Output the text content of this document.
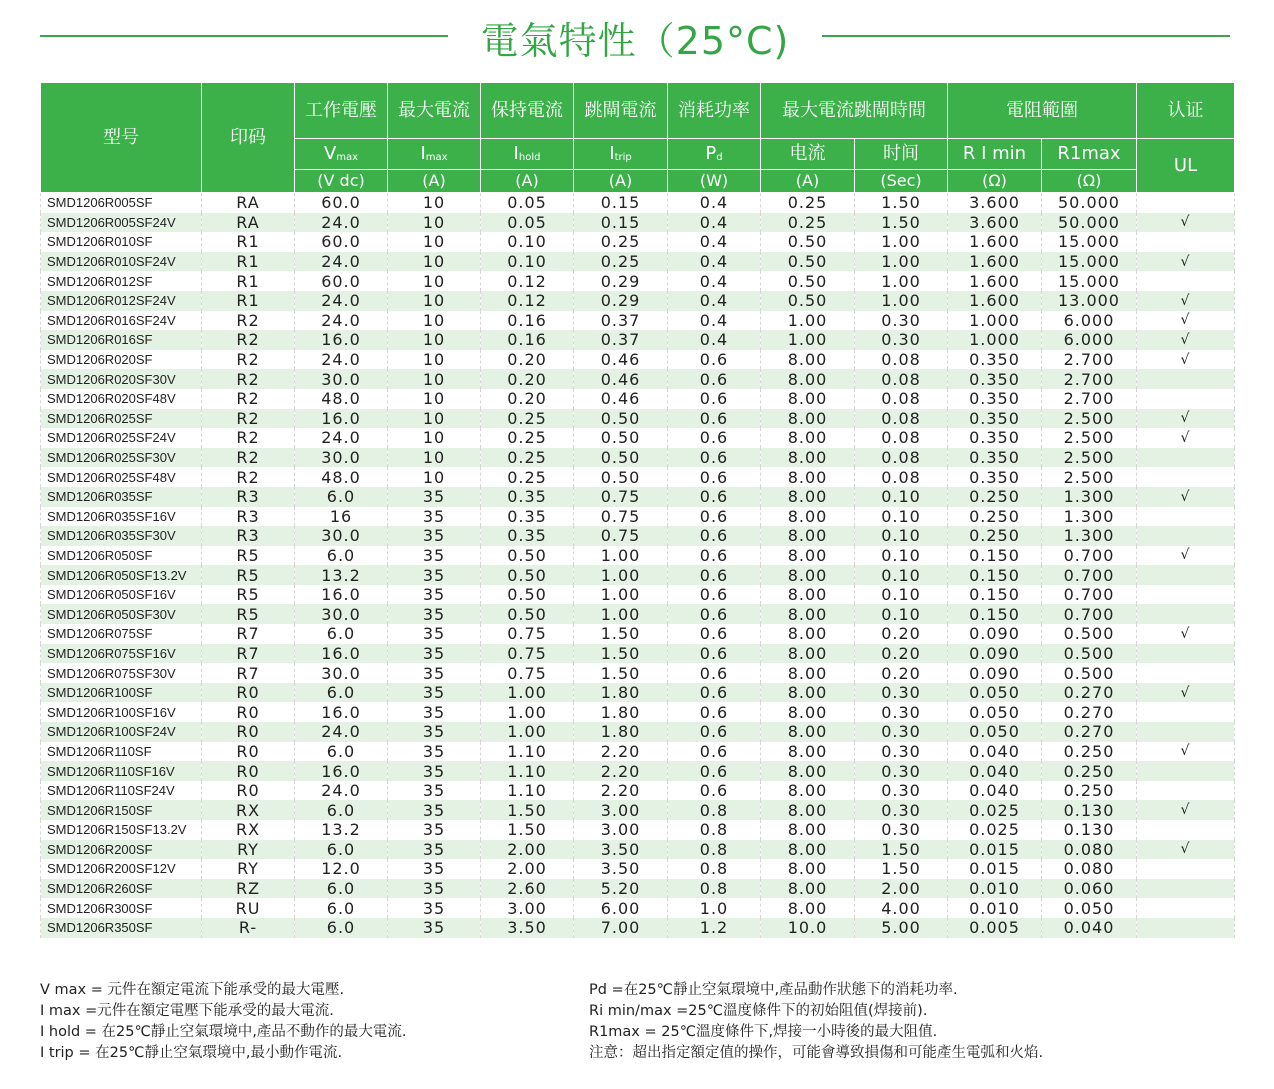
電氣特性（25°C)
型号	印码	工作電壓	最大電流	保持電流	跳閘電流	消耗功率	最大電流跳閘時間		電阻範圍		认证
		Vmax	Imax	Ihold	Itrip	Pd	电流	时间	R I min	R1max	UL
		(V dc)	(A)	(A)	(A)	(W)	(A)	(Sec)	(Ω)	(Ω)	
SMD1206R005SF	RA	60.0	10	0.05	0.15	0.4	0.25	1.50	3.600	50.000	
SMD1206R005SF24V	RA	24.0	10	0.05	0.15	0.4	0.25	1.50	3.600	50.000	√
SMD1206R010SF	R1	60.0	10	0.10	0.25	0.4	0.50	1.00	1.600	15.000	
SMD1206R010SF24V	R1	24.0	10	0.10	0.25	0.4	0.50	1.00	1.600	15.000	√
SMD1206R012SF	R1	60.0	10	0.12	0.29	0.4	0.50	1.00	1.600	15.000	
SMD1206R012SF24V	R1	24.0	10	0.12	0.29	0.4	0.50	1.00	1.600	13.000	√
SMD1206R016SF24V	R2	24.0	10	0.16	0.37	0.4	1.00	0.30	1.000	6.000	√
SMD1206R016SF	R2	16.0	10	0.16	0.37	0.4	1.00	0.30	1.000	6.000	√
SMD1206R020SF	R2	24.0	10	0.20	0.46	0.6	8.00	0.08	0.350	2.700	√
SMD1206R020SF30V	R2	30.0	10	0.20	0.46	0.6	8.00	0.08	0.350	2.700	
SMD1206R020SF48V	R2	48.0	10	0.20	0.46	0.6	8.00	0.08	0.350	2.700	
SMD1206R025SF	R2	16.0	10	0.25	0.50	0.6	8.00	0.08	0.350	2.500	√
SMD1206R025SF24V	R2	24.0	10	0.25	0.50	0.6	8.00	0.08	0.350	2.500	√
SMD1206R025SF30V	R2	30.0	10	0.25	0.50	0.6	8.00	0.08	0.350	2.500	
SMD1206R025SF48V	R2	48.0	10	0.25	0.50	0.6	8.00	0.08	0.350	2.500	
SMD1206R035SF	R3	6.0	35	0.35	0.75	0.6	8.00	0.10	0.250	1.300	√
SMD1206R035SF16V	R3	16	35	0.35	0.75	0.6	8.00	0.10	0.250	1.300	
SMD1206R035SF30V	R3	30.0	35	0.35	0.75	0.6	8.00	0.10	0.250	1.300	
SMD1206R050SF	R5	6.0	35	0.50	1.00	0.6	8.00	0.10	0.150	0.700	√
SMD1206R050SF13.2V	R5	13.2	35	0.50	1.00	0.6	8.00	0.10	0.150	0.700	
SMD1206R050SF16V	R5	16.0	35	0.50	1.00	0.6	8.00	0.10	0.150	0.700	
SMD1206R050SF30V	R5	30.0	35	0.50	1.00	0.6	8.00	0.10	0.150	0.700	
SMD1206R075SF	R7	6.0	35	0.75	1.50	0.6	8.00	0.20	0.090	0.500	√
SMD1206R075SF16V	R7	16.0	35	0.75	1.50	0.6	8.00	0.20	0.090	0.500	
SMD1206R075SF30V	R7	30.0	35	0.75	1.50	0.6	8.00	0.20	0.090	0.500	
SMD1206R100SF	R0	6.0	35	1.00	1.80	0.6	8.00	0.30	0.050	0.270	√
SMD1206R100SF16V	R0	16.0	35	1.00	1.80	0.6	8.00	0.30	0.050	0.270	
SMD1206R100SF24V	R0	24.0	35	1.00	1.80	0.6	8.00	0.30	0.050	0.270	
SMD1206R110SF	R0	6.0	35	1.10	2.20	0.6	8.00	0.30	0.040	0.250	√
SMD1206R110SF16V	R0	16.0	35	1.10	2.20	0.6	8.00	0.30	0.040	0.250	
SMD1206R110SF24V	R0	24.0	35	1.10	2.20	0.6	8.00	0.30	0.040	0.250	
SMD1206R150SF	RX	6.0	35	1.50	3.00	0.8	8.00	0.30	0.025	0.130	√
SMD1206R150SF13.2V	RX	13.2	35	1.50	3.00	0.8	8.00	0.30	0.025	0.130	
SMD1206R200SF	RY	6.0	35	2.00	3.50	0.8	8.00	1.50	0.015	0.080	√
SMD1206R200SF12V	RY	12.0	35	2.00	3.50	0.8	8.00	1.50	0.015	0.080	
SMD1206R260SF	RZ	6.0	35	2.60	5.20	0.8	8.00	2.00	0.010	0.060	
SMD1206R300SF	RU	6.0	35	3.00	6.00	1.0	8.00	4.00	0.010	0.050	
SMD1206R350SF	R-	6.0	35	3.50	7.00	1.2	10.0	5.00	0.005	0.040	
V max = 元件在額定電流下能承受的最大電壓.
I max =元件在額定電壓下能承受的最大電流.
I hold = 在25℃靜止空氣環境中,產品不動作的最大電流.
I trip = 在25℃靜止空氣環境中,最小動作電流.
Pd =在25℃靜止空氣環境中,產品動作狀態下的消耗功率.
Ri min/max =25℃溫度條件下的初始阻值(焊接前).
R1max = 25℃溫度條件下,焊接一小時後的最大阻值.
注意：超出指定額定值的操作，可能會導致損傷和可能產生電弧和火焰.
